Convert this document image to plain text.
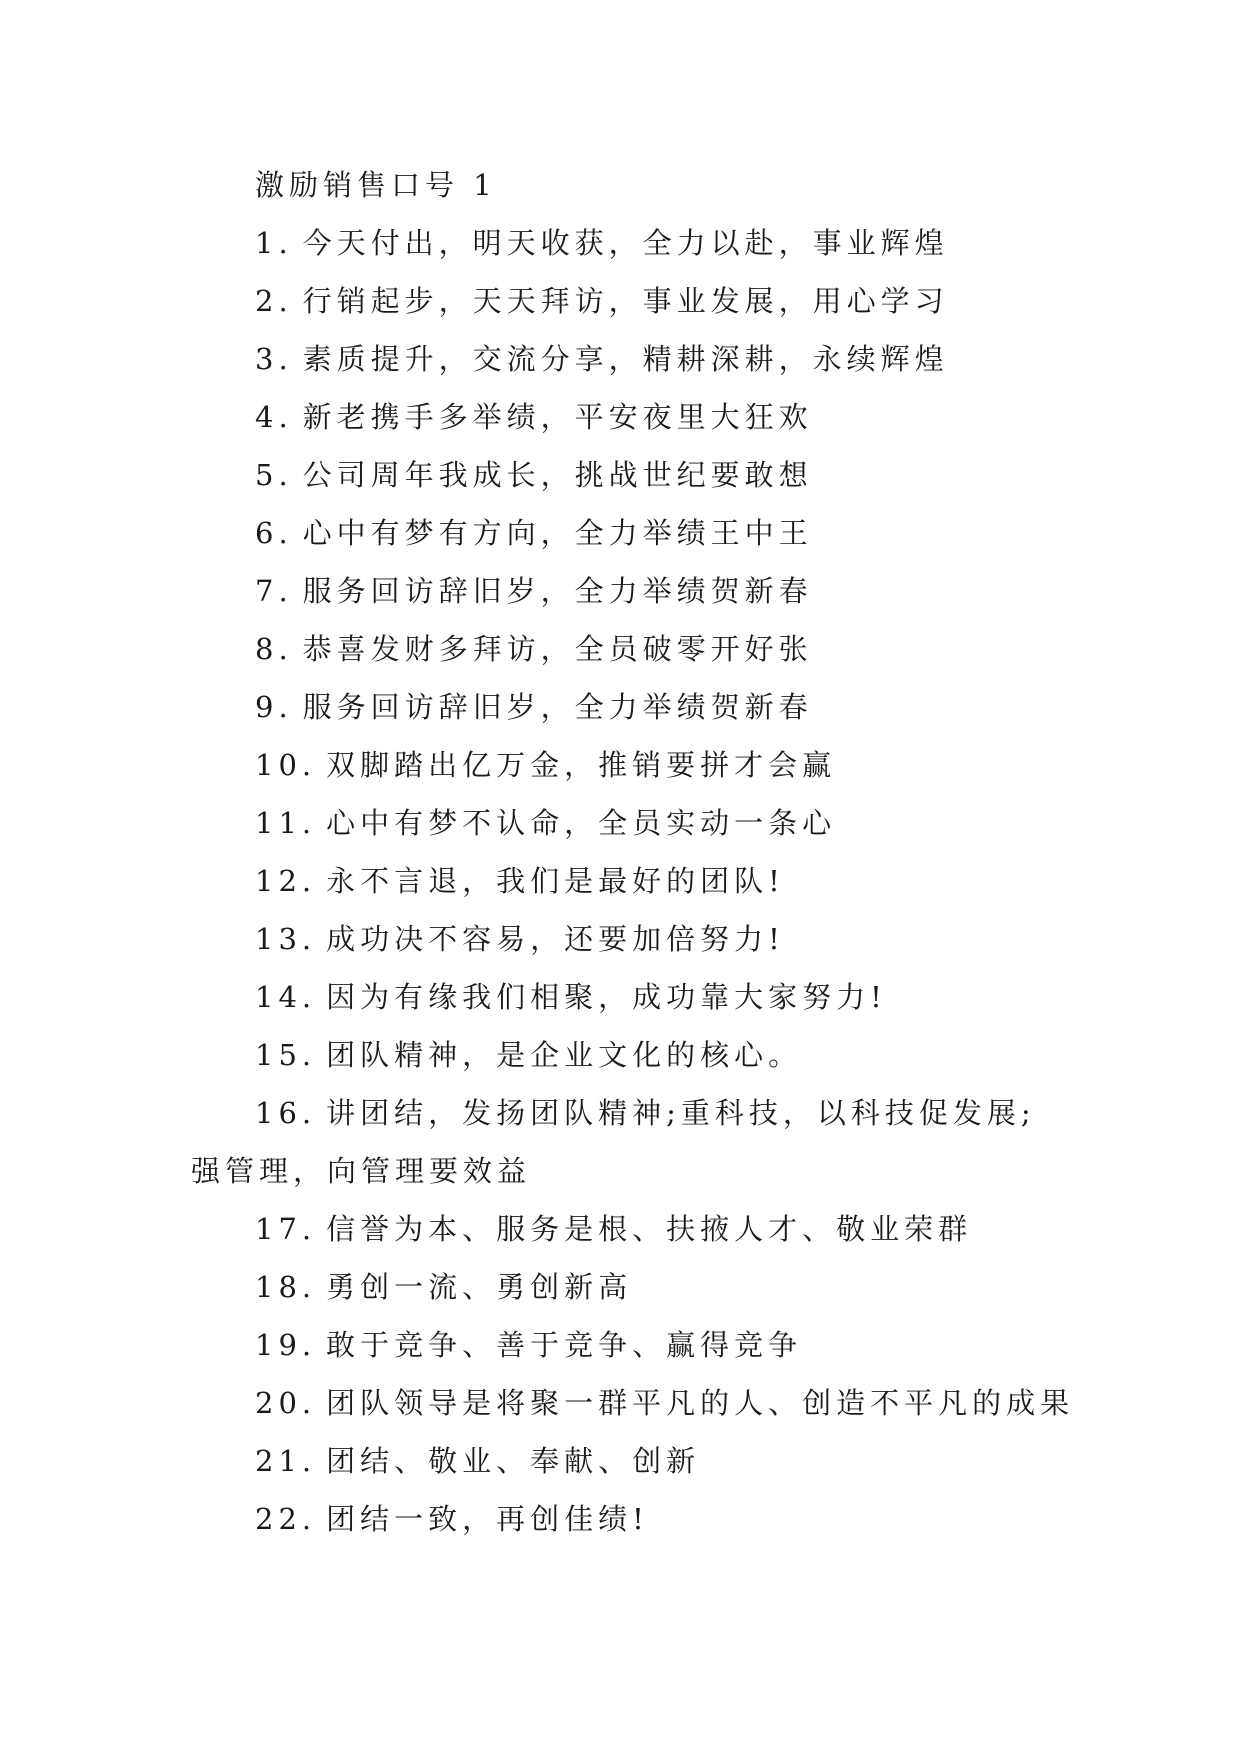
激励销售口号 1
1. 今天付出，明天收获，全力以赴，事业辉煌
2. 行销起步，天天拜访，事业发展，用心学习
3. 素质提升，交流分享，精耕深耕，永续辉煌
4. 新老携手多举绩，平安夜里大狂欢
5. 公司周年我成长，挑战世纪要敢想
6. 心中有梦有方向，全力举绩王中王
7. 服务回访辞旧岁，全力举绩贺新春
8. 恭喜发财多拜访，全员破零开好张
9. 服务回访辞旧岁，全力举绩贺新春
10. 双脚踏出亿万金，推销要拼才会赢
11. 心中有梦不认命，全员实动一条心
12. 永不言退，我们是最好的团队!
13. 成功决不容易，还要加倍努力!
14. 因为有缘我们相聚，成功靠大家努力!
15. 团队精神，是企业文化的核心。
16. 讲团结，发扬团队精神;重科技，以科技促发展;强管理，向管理要效益
17. 信誉为本、服务是根、扶掖人才、敬业荣群
18. 勇创一流、勇创新高
19. 敢于竞争、善于竞争、赢得竞争
20. 团队领导是将聚一群平凡的人、创造不平凡的成果
21. 团结、敬业、奉献、创新
22. 团结一致，再创佳绩!
